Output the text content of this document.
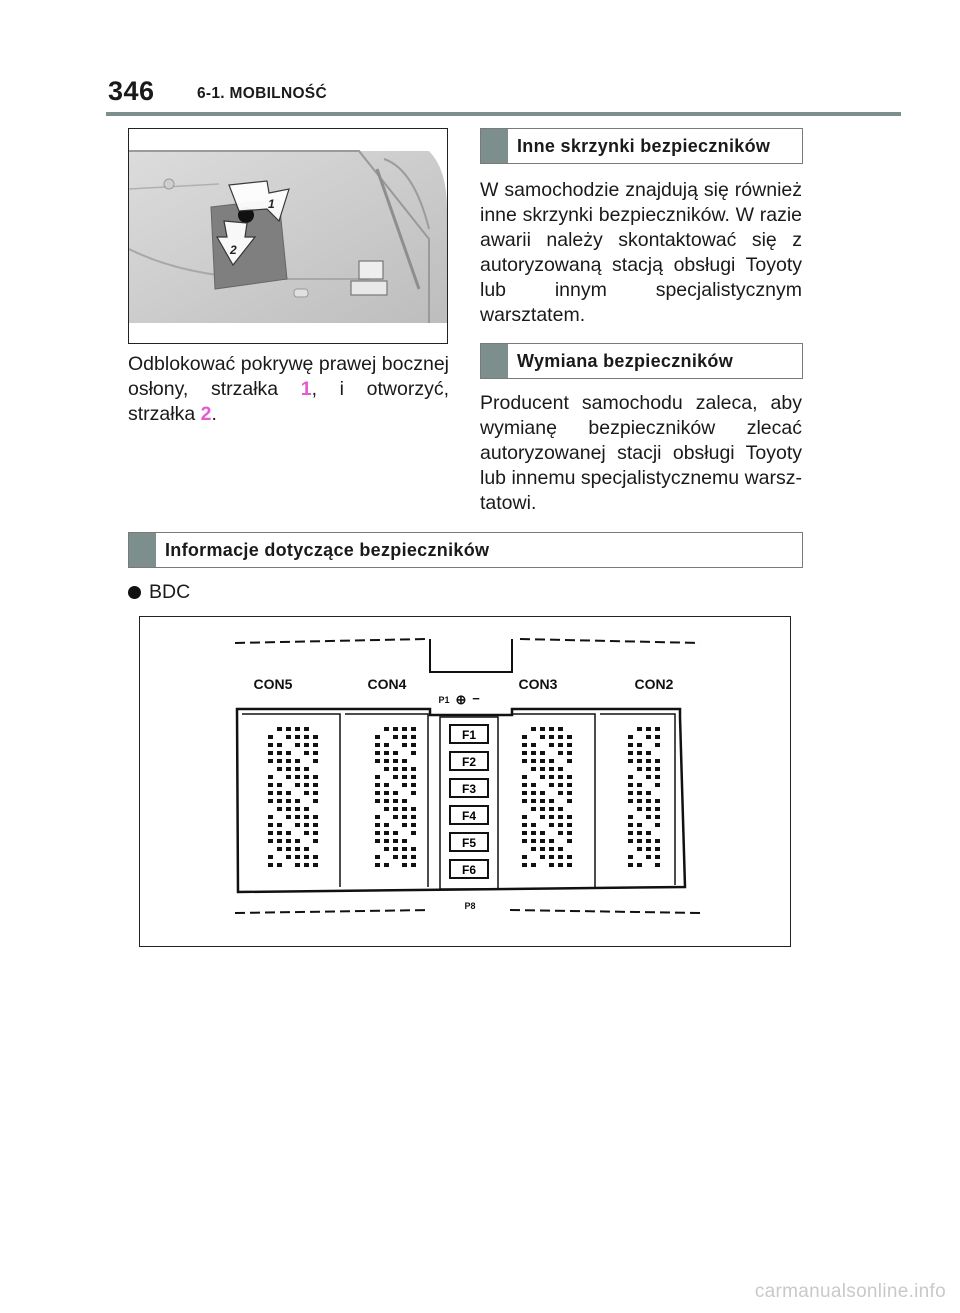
346	6-1. MOBILNOŚĆ
1
2
Odblokować pokrywę prawej bocznej osłony, strzałka 1, i otworzyć, strzałka 2.
Inne skrzynki bezpieczników
W samochodzie znajdują się również inne skrzynki bezpieczników. W razie awarii należy skontaktować się z autoryzowaną stacją obsługi Toyoty lub innym specjalistycznym warsztatem.
Wymiana bezpieczników
Producent samochodu zaleca, aby wymianę bezpieczników zlecać autoryzowanej stacji obsługi Toyoty lub innemu specjalistycznemu warsztatowi.
Informacje dotyczące bezpieczników
BDC
F1
F2
F3
F4
F5
F6
CON5	CON4	CON3	CON2
P1 ⊕ −
P8
carmanualsonline.info
